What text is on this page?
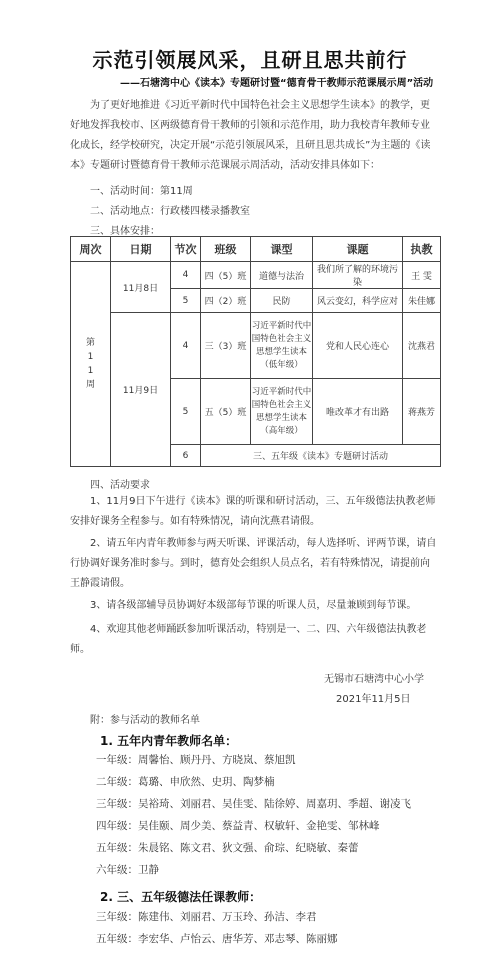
示范引领展风采，且研且思共前行
——石塘湾中心《读本》专题研讨暨“德育骨干教师示范课展示周”活动
为了更好地推进《习近平新时代中国特色社会主义思想学生读本》的教学，更好地发挥我校市、区两级德育骨干教师的引领和示范作用，助力我校青年教师专业化成长，经学校研究，决定开展“示范引领展风采，且研且思共成长”为主题的《读本》专题研讨暨德育骨干教师示范课展示周活动，活动安排具体如下：
一、活动时间：第11周
二、活动地点：行政楼四楼录播教室
三、具体安排：
周次	日期	节次	班级	课型	课题	执教
第11周	11月8日	4	四（5）班	道德与法治	我们所了解的环境污染	王 雯
		5	四（2）班	民防	风云变幻，科学应对	朱佳娜
	11月9日	4	三（3）班	习近平新时代中国特色社会主义思想学生读本（低年级）	党和人民心连心	沈燕君
		5	五（5）班	习近平新时代中国特色社会主义思想学生读本（高年级）	唯改革才有出路	蒋燕芳
		6	三、五年级《读本》专题研讨活动			
四、活动要求
1、11月9日下午进行《读本》课的听课和研讨活动，三、五年级德法执教老师安排好课务全程参与。如有特殊情况，请向沈燕君请假。
2、请五年内青年教师参与两天听课、评课活动，每人选择听、评两节课，请自行协调好课务准时参与。到时，德育处会组织人员点名，若有特殊情况，请提前向王静霞请假。
3、请各级部辅导员协调好本级部每节课的听课人员，尽量兼顾到每节课。
4、欢迎其他老师踊跃参加听课活动，特别是一、二、四、六年级德法执教老师。
无锡市石塘湾中心小学
2021年11月5日
附：参与活动的教师名单
1. 五年内青年教师名单：
一年级：周馨怡、顾丹丹、方晓岚、蔡旭凯
二年级：葛璐、申欣然、史玥、陶梦楠
三年级：吴裕琦、刘丽君、吴佳雯、陆徐婷、周嘉玥、季超、谢凌飞
四年级：吴佳颐、周少美、蔡益青、权敏轩、金艳雯、邹林峰
五年级：朱晨铭、陈文君、狄文强、俞琮、纪晓敏、秦蕾
六年级：卫静
2. 三、五年级德法任课教师：
三年级：陈建伟、刘丽君、万玉玲、孙洁、李君
五年级：李宏华、卢怡云、唐华芳、邓志琴、陈丽娜
